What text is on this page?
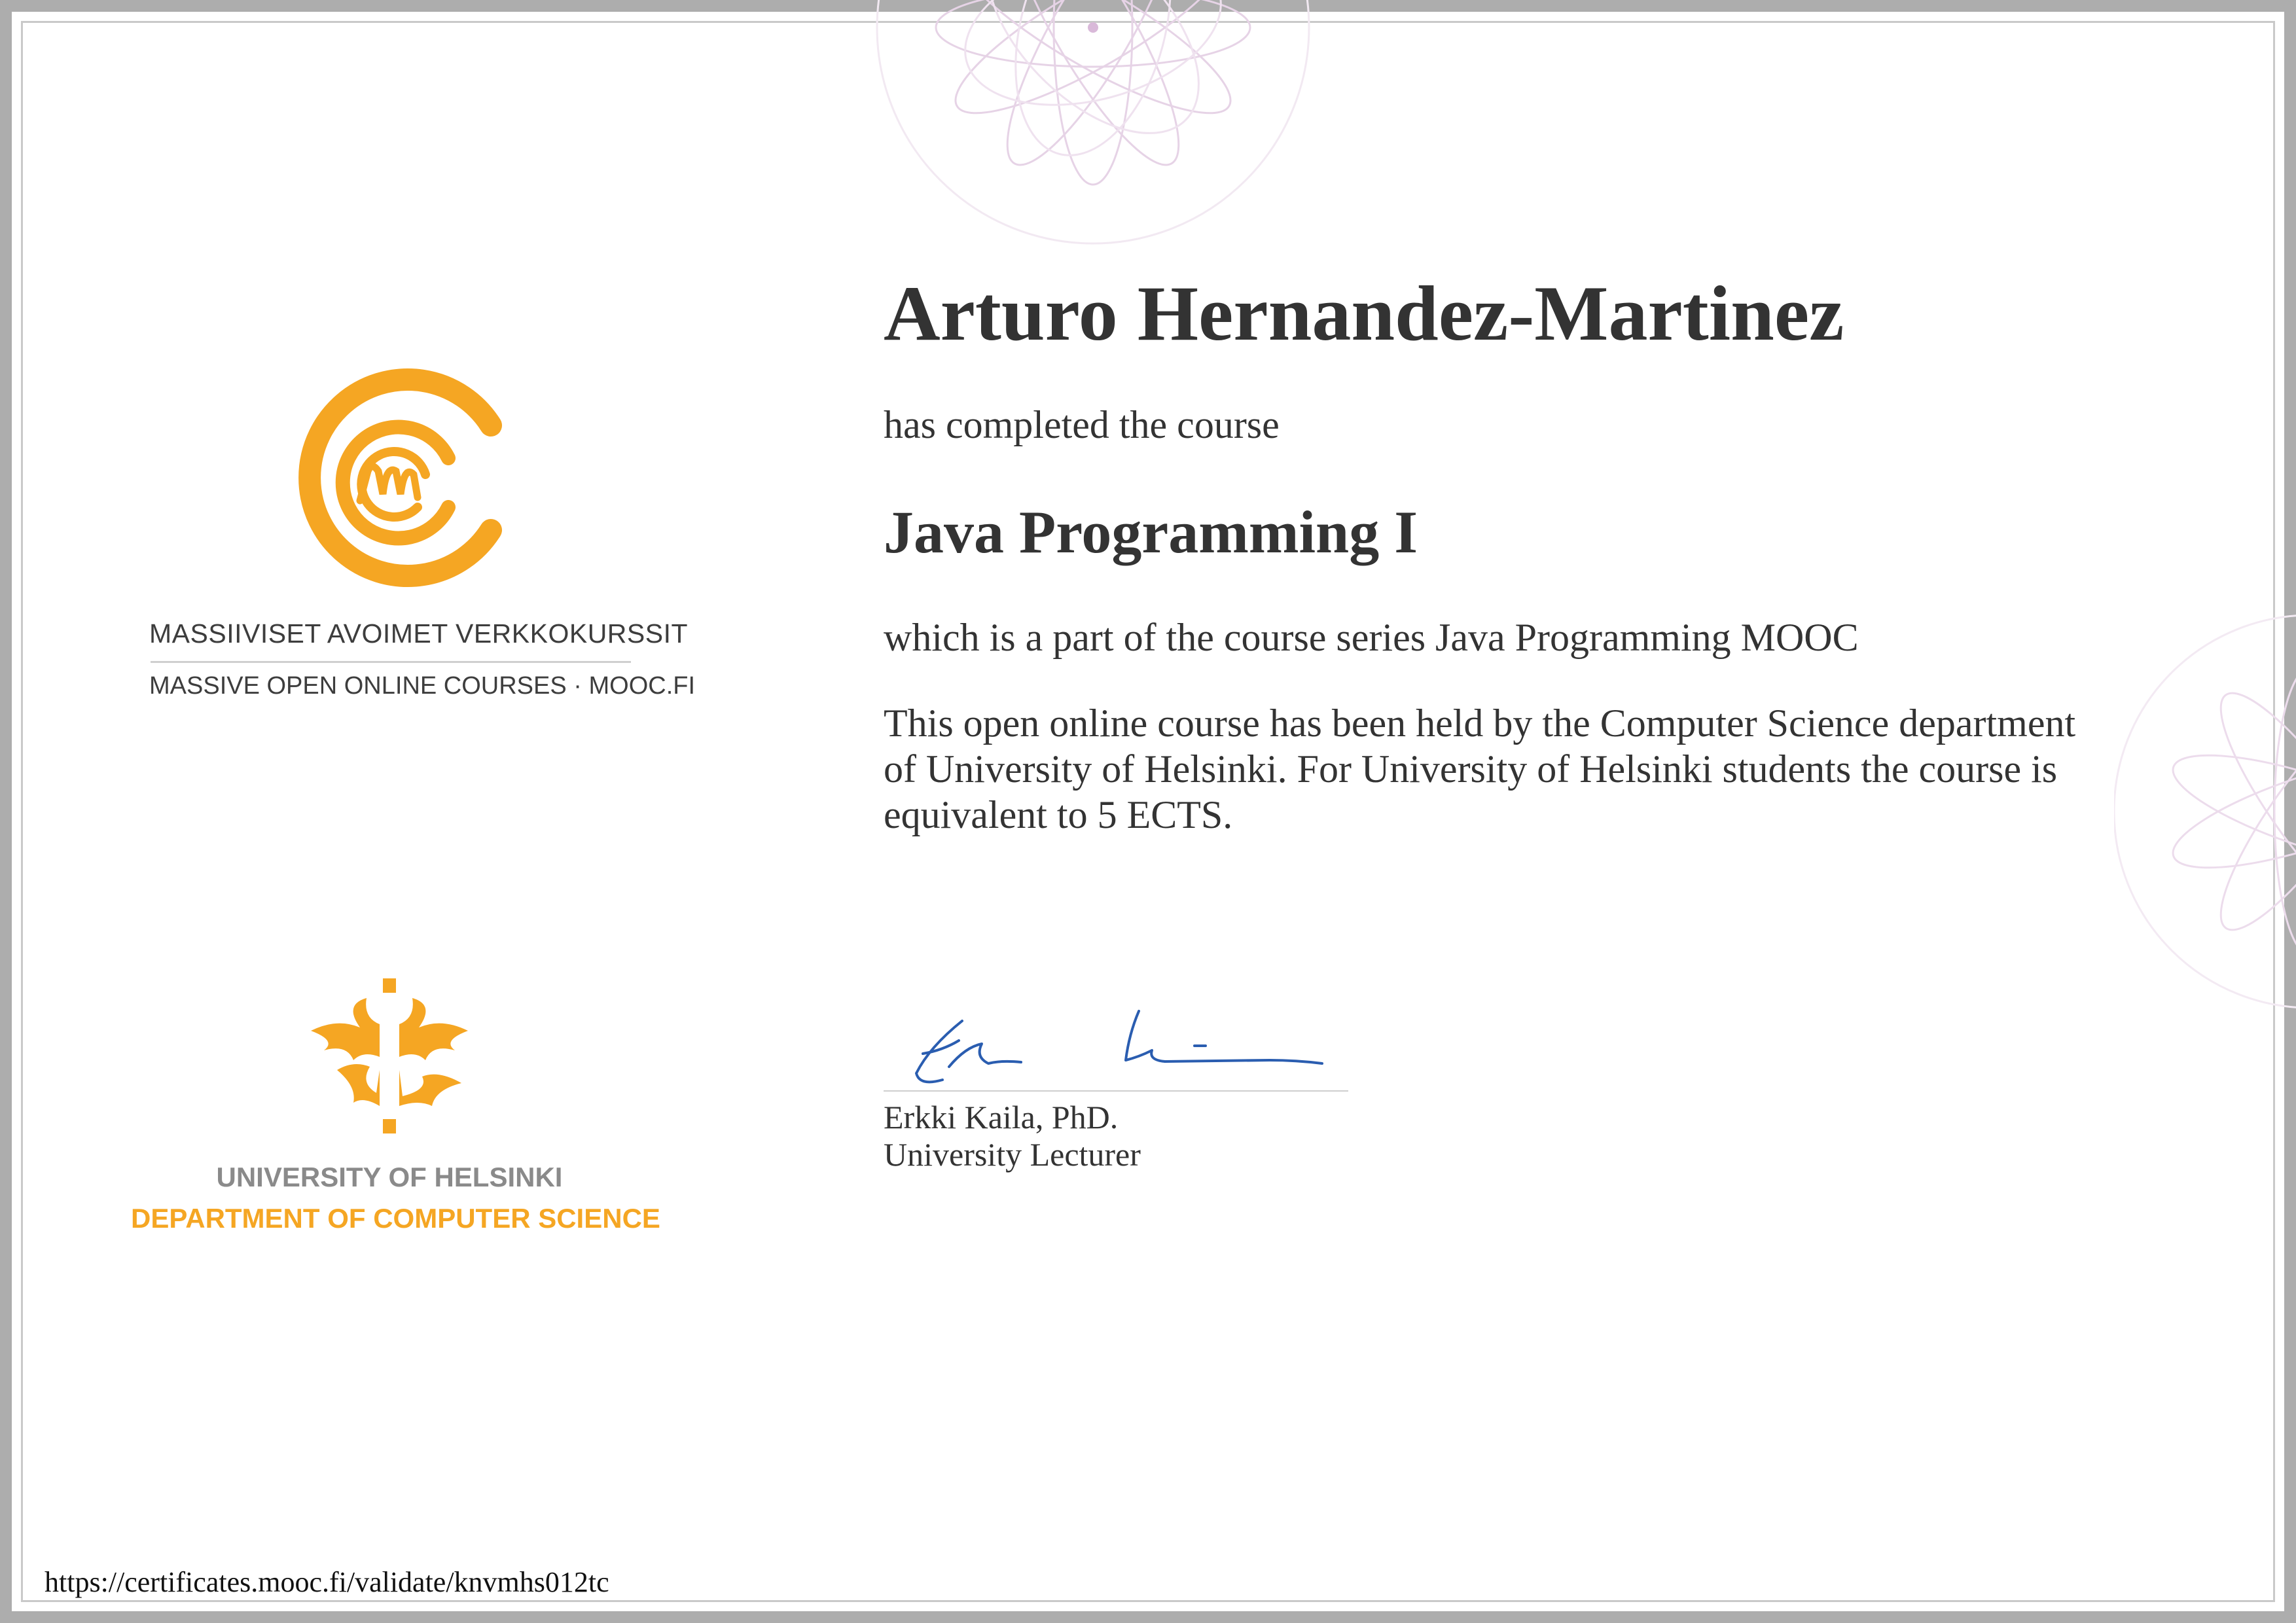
MASSIIVISET AVOIMET VERKKOKURSSIT
MASSIVE OPEN ONLINE COURSES · MOOC.FI
UNIVERSITY OF HELSINKI
DEPARTMENT OF COMPUTER SCIENCE
Arturo Hernandez-Martinez
has completed the course
Java Programming I
which is a part of the course series Java Programming MOOC
This open online course has been held by the Computer Science department of University of Helsinki. For University of Helsinki students the course is equivalent to 5 ECTS.
Erkki Kaila, PhD.
University Lecturer
https://certificates.mooc.fi/validate/knvmhs012tc
